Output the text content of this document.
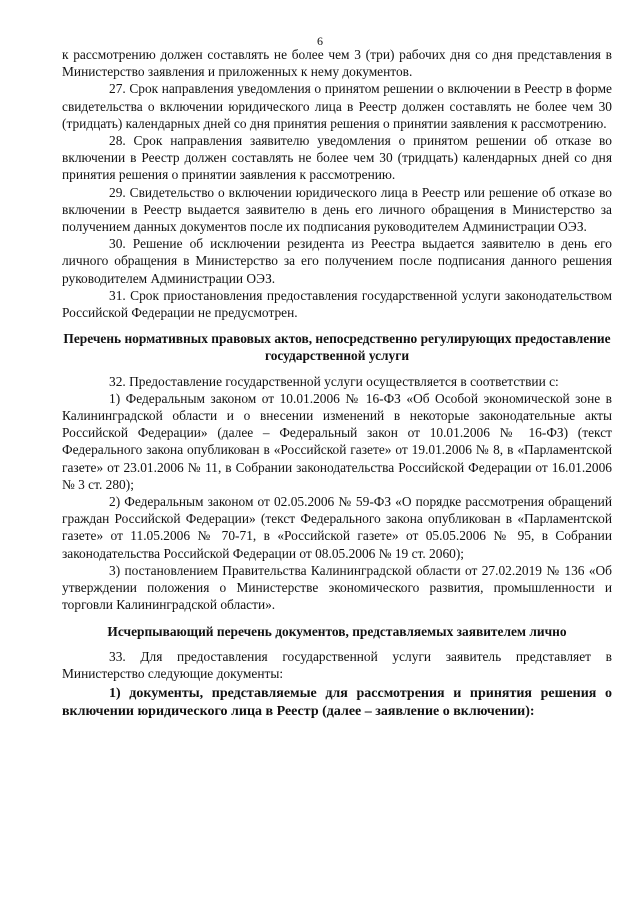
6

к рассмотрению должен составлять не более чем 3 (три) рабочих дня со дня представления в Министерство заявления и приложенных к нему документов.

27. Срок направления уведомления о принятом решении о включении в Реестр в форме свидетельства о включении юридического лица в Реестр должен составлять не более чем 30 (тридцать) календарных дней со дня принятия решения о принятии заявления к рассмотрению.

28. Срок направления заявителю уведомления о принятом решении об отказе во включении в Реестр должен составлять не более чем 30 (тридцать) календарных дней со дня принятия решения о принятии заявления к рассмотрению.

29. Свидетельство о включении юридического лица в Реестр или решение об отказе во включении в Реестр выдается заявителю в день его личного обращения в Министерство за получением данных документов после их подписания руководителем Администрации ОЭЗ.

30. Решение об исключении резидента из Реестра выдается заявителю в день его личного обращения в Министерство за его получением после подписания данного решения руководителем Администрации ОЭЗ.

31. Срок приостановления предоставления государственной услуги законодательством Российской Федерации не предусмотрен.

Перечень нормативных правовых актов, непосредственно регулирующих предоставление государственной услуги

32. Предоставление государственной услуги осуществляется в соответствии с:

1) Федеральным законом от 10.01.2006 № 16-ФЗ «Об Особой экономической зоне в Калининградской области и о внесении изменений в некоторые законодательные акты Российской Федерации» (далее – Федеральный закон от 10.01.2006 № 16-ФЗ) (текст Федерального закона опубликован в «Российской газете» от 19.01.2006 № 8, в «Парламентской газете» от 23.01.2006 № 11, в Собрании законодательства Российской Федерации от 16.01.2006 № 3 ст. 280);

2) Федеральным законом от 02.05.2006 № 59-ФЗ «О порядке рассмотрения обращений граждан Российской Федерации» (текст Федерального закона опубликован в «Парламентской газете» от 11.05.2006 № 70-71, в «Российской газете» от 05.05.2006 № 95, в Собрании законодательства Российской Федерации от 08.05.2006 № 19 ст. 2060);

3) постановлением Правительства Калининградской области от 27.02.2019 № 136 «Об утверждении положения о Министерстве экономического развития, промышленности и торговли Калининградской области».

Исчерпывающий перечень документов, представляемых заявителем лично

33. Для предоставления государственной услуги заявитель представляет в Министерство следующие документы:

1) документы, представляемые для рассмотрения и принятия решения о включении юридического лица в Реестр (далее – заявление о включении):
